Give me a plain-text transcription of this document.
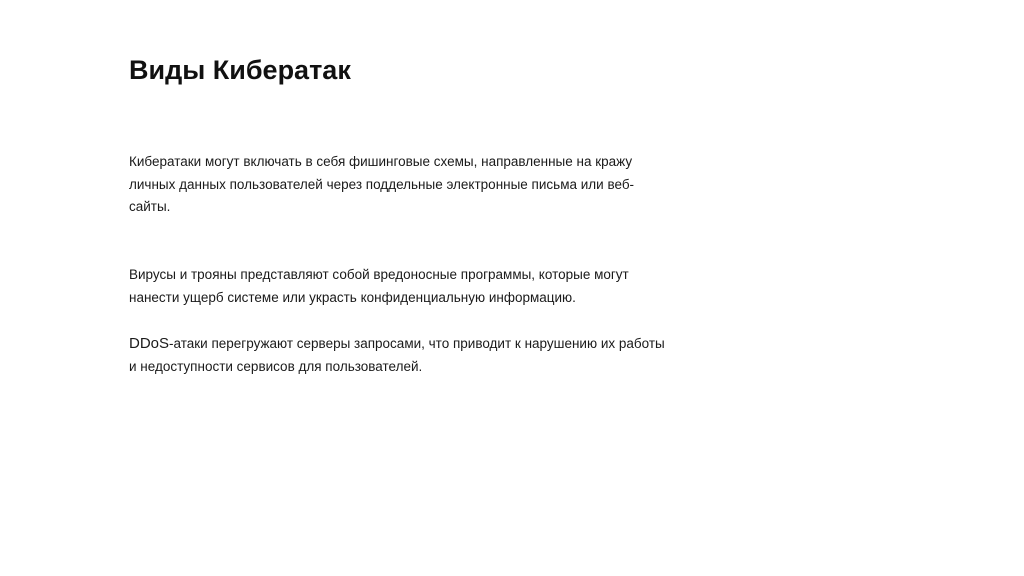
Виды Кибератак

Кибератаки могут включать в себя фишинговые схемы, направленные на кражу личных данных пользователей через поддельные электронные письма или веб-сайты.

Вирусы и трояны представляют собой вредоносные программы, которые могут нанести ущерб системе или украсть конфиденциальную информацию.

DDoS-атаки перегружают серверы запросами, что приводит к нарушению их работы и недоступности сервисов для пользователей.
